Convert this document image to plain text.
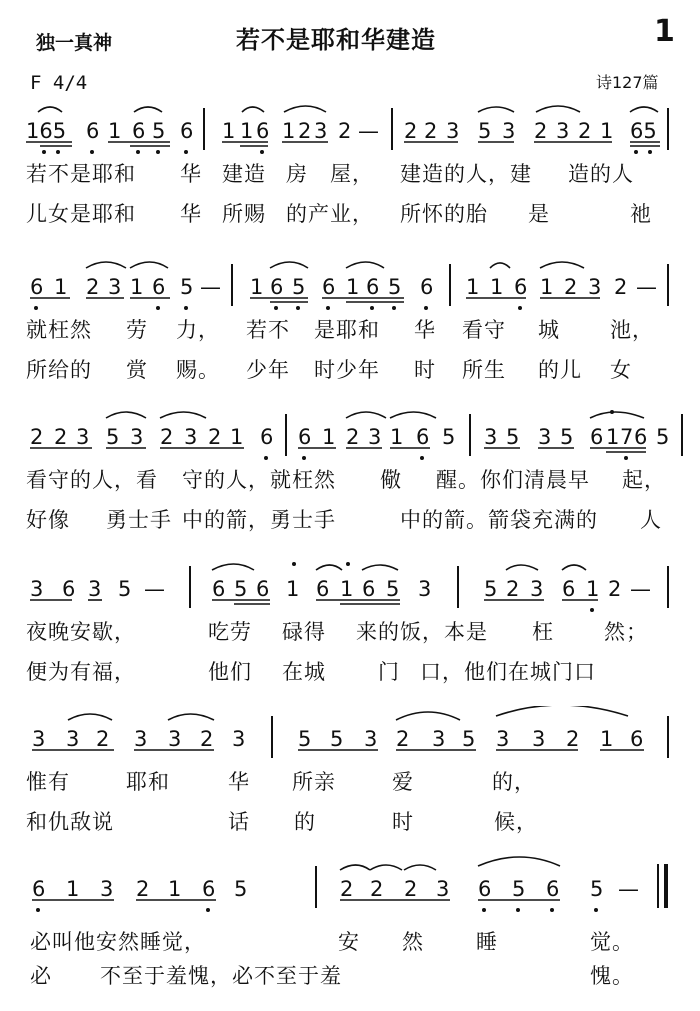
独一真神	若不是耶和华建造	1
F 4/4	诗127篇
165 6 1 6 5 6 1 1 6 1 2 3 2 — 2 2 3 5 3 2 3 2 1 65
若不是耶和 华 建造 房 屋， 建造的人，建 造的人
儿女是耶和 华 所赐 的产业， 所怀的胎 是	祂
6 1 2 3 1 6 5 — 1 6 5 6 1 6 5 6 1 1 6 1 2 3 2 —
就枉然 劳 力， 若不 是耶和 华 看守 城 池，
所给的 赏 赐。 少年 时少年 时 所生 的儿 女
2 2 3 5 3 2 3 2 1 6 6 1 2 3 1 6 5 3 5 3 5 6 1 7 6 5
看守的人，看 守的人，就枉然 儆 醒。你们清晨早 起，
好像 勇士手 中的箭，勇士手	中的箭。箭袋充满的 人
3 6 3 5 — 6 5 6 1 6 1 6 5 3	5 2 3 6 1 2 —
夜晚安歇，	吃劳 碌得 来的饭，本是 枉 然；
便为有福，	他们 在城 门 口，他们在城门口
3 3 2 3 3 2 3	5 5 3 2 3 5 3 3 2 1 6
惟有	耶和	华 所亲	爱	的，
和仇敌说	话 的	时	候，
6 1 3 2 1 6 5	2 2 2 3 6 5 6 5 —
必叫他安然睡觉，	安 然 睡	觉。
必 不至于羞愧，必不至于羞	愧。
